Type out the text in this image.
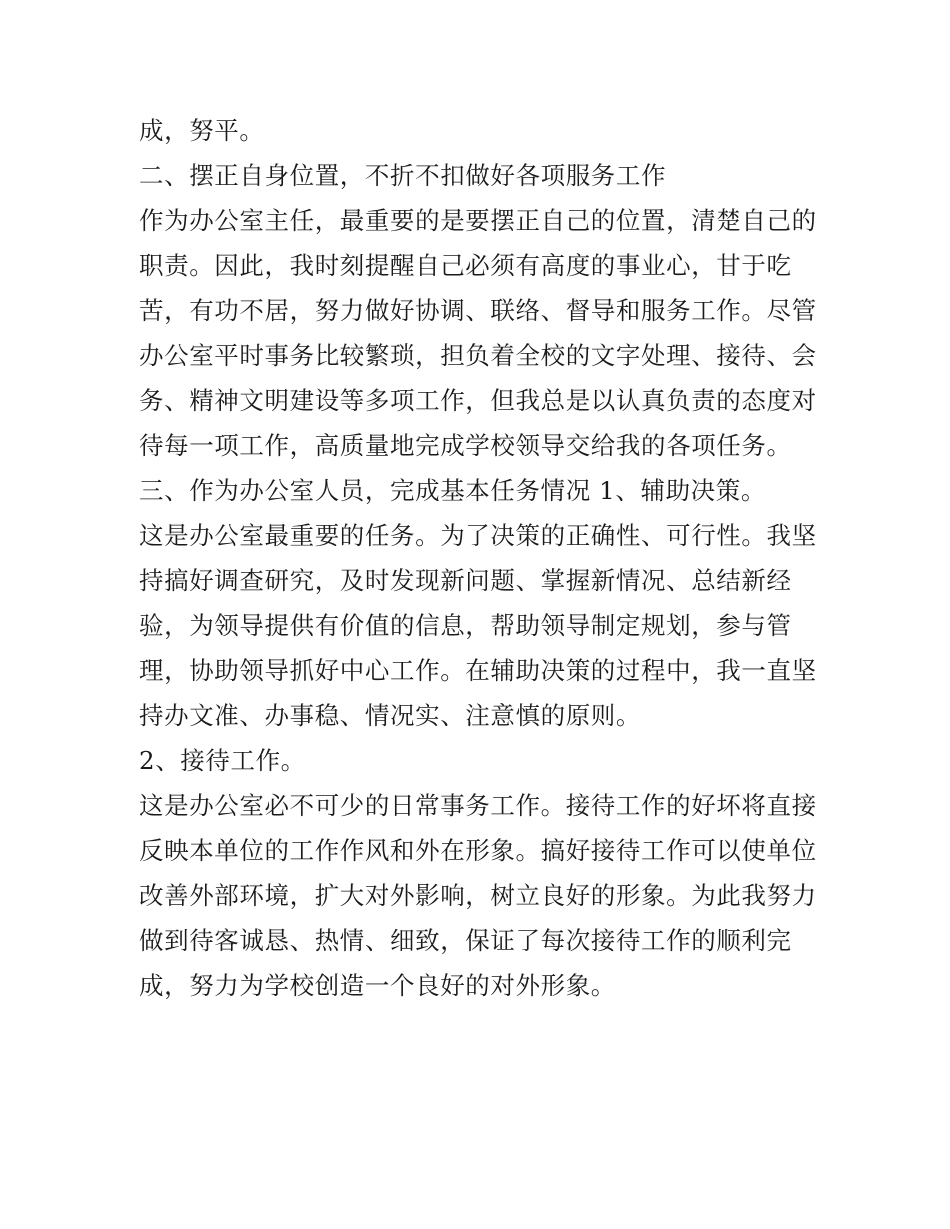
成，努平。
二、摆正自身位置，不折不扣做好各项服务工作
作为办公室主任，最重要的是要摆正自己的位置，清楚自己的
职责。因此，我时刻提醒自己必须有高度的事业心，甘于吃
苦，有功不居，努力做好协调、联络、督导和服务工作。尽管
办公室平时事务比较繁琐，担负着全校的文字处理、接待、会
务、精神文明建设等多项工作，但我总是以认真负责的态度对
待每一项工作，高质量地完成学校领导交给我的各项任务。
三、作为办公室人员，完成基本任务情况 1、辅助决策。
这是办公室最重要的任务。为了决策的正确性、可行性。我坚
持搞好调查研究，及时发现新问题、掌握新情况、总结新经
验，为领导提供有价值的信息，帮助领导制定规划，参与管
理，协助领导抓好中心工作。在辅助决策的过程中，我一直坚
持办文准、办事稳、情况实、注意慎的原则。
2、接待工作。
这是办公室必不可少的日常事务工作。接待工作的好坏将直接
反映本单位的工作作风和外在形象。搞好接待工作可以使单位
改善外部环境，扩大对外影响，树立良好的形象。为此我努力
做到待客诚恳、热情、细致，保证了每次接待工作的顺利完
成，努力为学校创造一个良好的对外形象。
